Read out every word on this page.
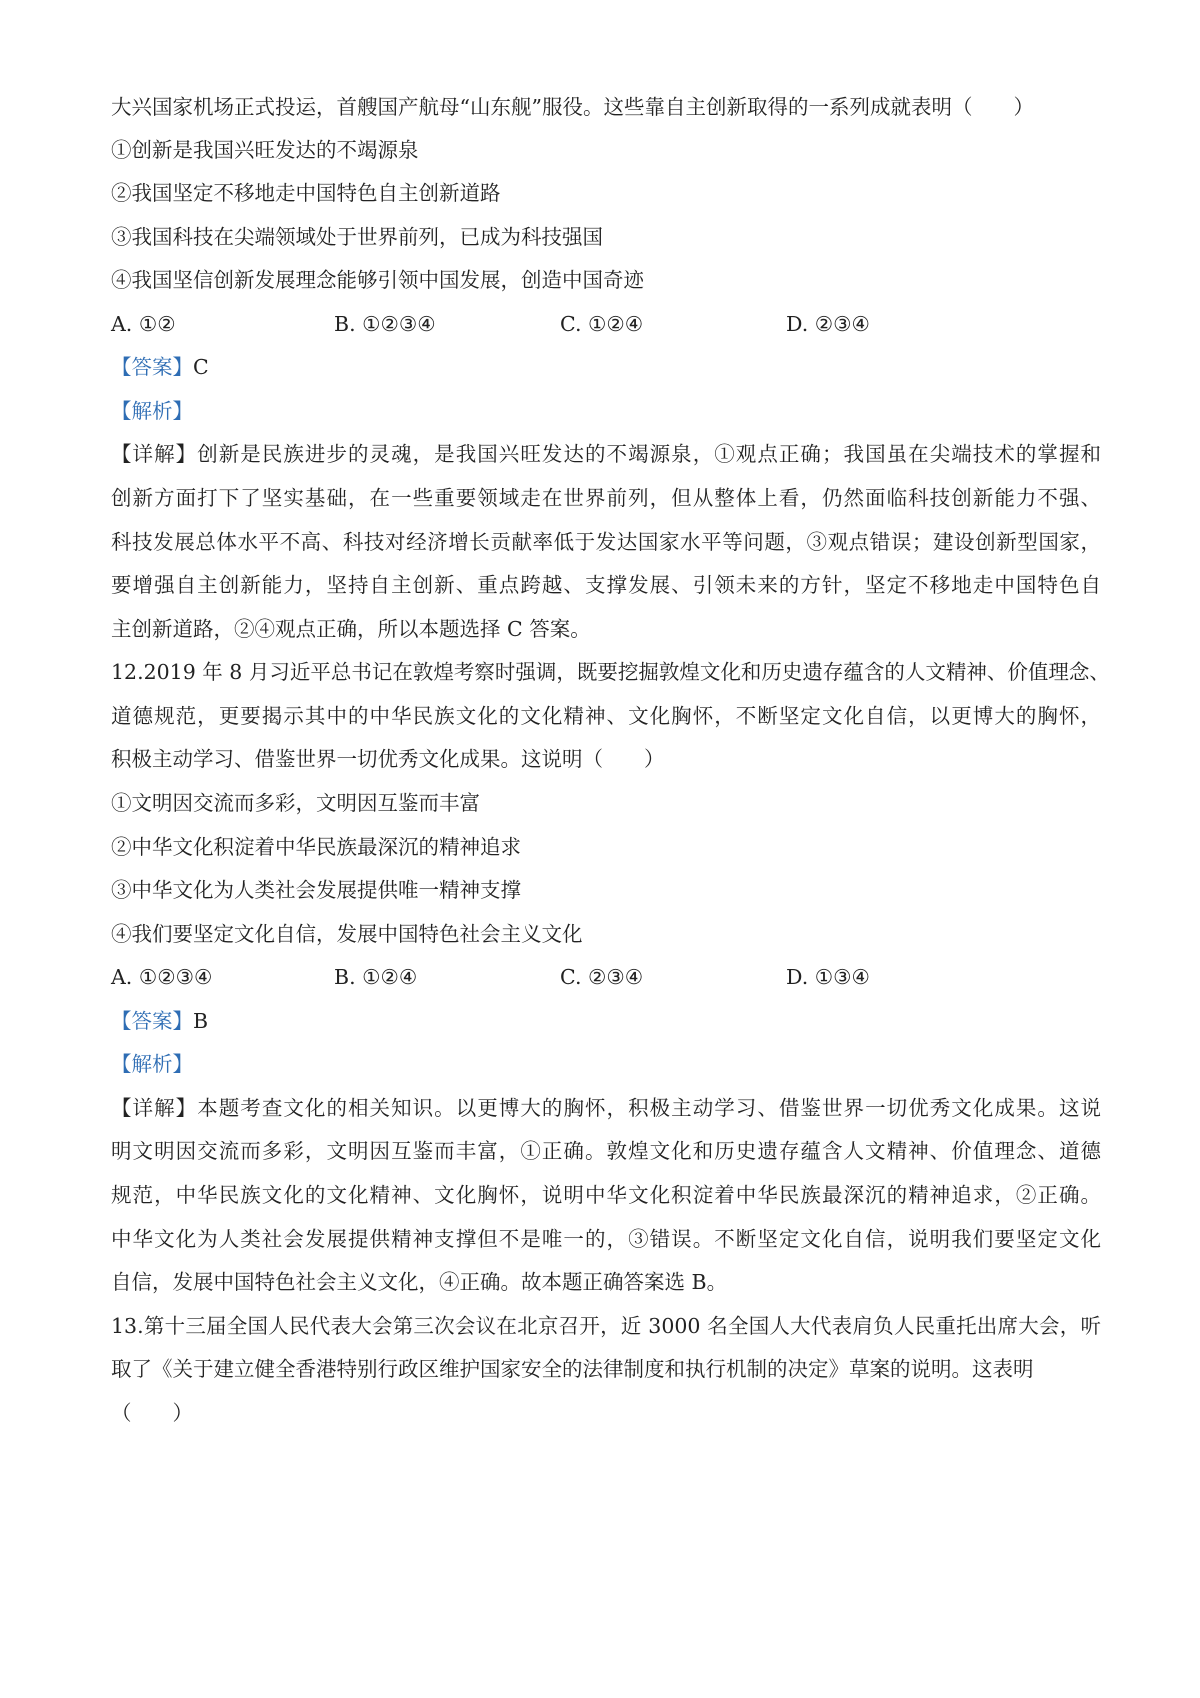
大兴国家机场正式投运，首艘国产航母“山东舰”服役。这些靠自主创新取得的一系列成就表明（　　）
①创新是我国兴旺发达的不竭源泉
②我国坚定不移地走中国特色自主创新道路
③我国科技在尖端领域处于世界前列，已成为科技强国
④我国坚信创新发展理念能够引领中国发展，创造中国奇迹
A. ①②	B. ①②③④	C. ①②④	D. ②③④
【答案】C
【解析】
【详解】创新是民族进步的灵魂，是我国兴旺发达的不竭源泉，①观点正确；我国虽在尖端技术的掌握和
创新方面打下了坚实基础，在一些重要领域走在世界前列，但从整体上看，仍然面临科技创新能力不强、
科技发展总体水平不高、科技对经济增长贡献率低于发达国家水平等问题，③观点错误；建设创新型国家，
要增强自主创新能力，坚持自主创新、重点跨越、支撑发展、引领未来的方针，坚定不移地走中国特色自
主创新道路，②④观点正确，所以本题选择 C 答案。
12.2019 年 8 月习近平总书记在敦煌考察时强调，既要挖掘敦煌文化和历史遗存蕴含的人文精神、价值理念、
道德规范，更要揭示其中的中华民族文化的文化精神、文化胸怀，不断坚定文化自信，以更博大的胸怀，
积极主动学习、借鉴世界一切优秀文化成果。这说明（　　）
①文明因交流而多彩，文明因互鉴而丰富
②中华文化积淀着中华民族最深沉的精神追求
③中华文化为人类社会发展提供唯一精神支撑
④我们要坚定文化自信，发展中国特色社会主义文化
A. ①②③④	B. ①②④	C. ②③④	D. ①③④
【答案】B
【解析】
【详解】本题考查文化的相关知识。以更博大的胸怀，积极主动学习、借鉴世界一切优秀文化成果。这说
明文明因交流而多彩，文明因互鉴而丰富，①正确。敦煌文化和历史遗存蕴含人文精神、价值理念、道德
规范，中华民族文化的文化精神、文化胸怀，说明中华文化积淀着中华民族最深沉的精神追求，②正确。
中华文化为人类社会发展提供精神支撑但不是唯一的，③错误。不断坚定文化自信，说明我们要坚定文化
自信，发展中国特色社会主义文化，④正确。故本题正确答案选 B。
13.第十三届全国人民代表大会第三次会议在北京召开，近 3000 名全国人大代表肩负人民重托出席大会，听
取了《关于建立健全香港特别行政区维护国家安全的法律制度和执行机制的决定》草案的说明。这表明
（　　）
